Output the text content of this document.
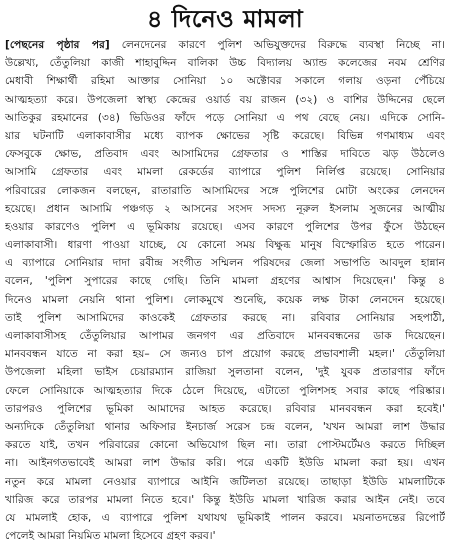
৪ দিনেও মামলা
[পেছনের পৃষ্ঠার পর] লেনদেনের কারণে পুলিশ অভিযুক্তদের বিরুদ্ধে ব্যবস্থা নিচ্ছে না।
উল্লেখ্য, তেঁতুলিয়া কাজী শাহাবুদ্দিন বালিকা উচ্চ বিদ্যালয় অ্যান্ড কলেজের নবম শ্রেণির
মেধাবী শিক্ষার্থী রহিমা আক্তার সোনিয়া ১০ অক্টোবর সকালে গলায় ওড়না পেঁচিয়ে
আত্মহত্যা করে। উপজেলা স্বাস্থ্য কেন্দ্রের ওয়ার্ড বয় রাজন (৩২) ও বাশির উদ্দিনের ছেলে
আতিকুর রহমানের (৩৪) ভিডিওর ফাঁদে পড়ে সোনিয়া এ পথ বেছে নেয়। এদিকে সোনি-
য়ার ঘটনাটি এলাকাবাসীর মধ্যে ব্যাপক ক্ষোভের সৃষ্টি করেছে। বিভিন্ন গণমাধ্যম এবং
ফেসবুকে ক্ষোভ, প্রতিবাদ এবং আসামিদের গ্রেফতার ও শাস্তির দাবিতে ঝড় উঠলেও
আসামি গ্রেফতার এবং মামলা রেকর্ডের ব্যাপারে পুলিশ নির্লিপ্ত রয়েছে। সোনিয়ার
পরিবারের লোকজন বলছেন, রাতারাতি আসামিদের সঙ্গে পুলিশের মোটা অংকের লেনদেন
হয়েছে। প্রধান আসামি পঞ্চগড় ২ আসনের সংসদ সদস্য নূরুল ইসলাম সুজনের আত্মীয়
হওয়ার কারণেও পুলিশ এ ভূমিকায় রয়েছে। এসব কারণে পুলিশের উপর ফুঁসে উঠছেন
এলাকাবাসী। ধারণা পাওয়া যাচ্ছে, যে কোনো সময় বিক্ষুব্ধ মানুষ বিস্ফোরিত হতে পারেন।
এ ব্যাপারে সোনিয়ার দাদা রবীন্দ্র সংগীত সম্মিলন পরিষদের জেলা সভাপতি আবদুল হান্নান
বলেন, 'পুলিশ সুপারের কাছে গেছি। তিনি মামলা গ্রহণের আশ্বাস দিয়েছেন।' কিন্তু ৪
দিনেও মামলা নেয়নি থানা পুলিশ। লোকমুখে শুনেছি, কয়েক লক্ষ টাকা লেনদেন হয়েছে।
তাই পুলিশ আসামিদের কাওকেই গ্রেফতার করছে না। রবিবার সোনিয়ার সহপাঠী,
এলাকাবাসীসহ তেঁতুলিয়ার আপামর জনগণ এর প্রতিবাদে মানববন্ধনের ডাক দিয়েছেন।
মানববন্ধন যাতে না করা হয়– সে জন্যও চাপ প্রয়োগ করছে প্রভাবশালী মহল।' তেঁতুলিয়া
উপজেলা মহিলা ভাইস চেয়ারম্যান রাজিয়া সুলতানা বলেন, 'দুই যুবক প্রতারণার ফাঁদে
ফেলে সোনিয়াকে আত্মহত্যার দিকে ঠেলে দিয়েছে, এটাতো পুলিশসহ সবার কাছে পরিষ্কার।
তারপরও পুলিশের ভূমিকা আমাদের আহত করেছে। রবিবার মানববন্ধন করা হবেই।'
অন্যদিকে তেঁতুলিয়া থানার অফিসার ইনচার্জ সরেস চন্দ্র বলেন, 'যখন আমরা লাশ উদ্ধার
করতে যাই, তখন পরিবারের কোনো অভিযোগ ছিল না। তারা পোস্টমর্টেমও করতে দিচ্ছিল
না। আইনগতভাবেই আমরা লাশ উদ্ধার করি। পরে একটি ইউডি মামলা করা হয়। এখন
নতুন করে মামলা নেওয়ার ব্যাপারে আইনি জটিলতা রয়েছে। তাছাড়া ইউডি মামলাটিকে
খারিজ করে তারপর মামলা নিতে হবে।' কিন্তু ইউডি মামলা খারিজ করার আইন নেই। তবে
যে মামলাই হোক, এ ব্যাপারে পুলিশ যথাযথ ভূমিকাই পালন করবে। ময়নাতদন্তের রিপোর্ট
পেলেই আমরা নিয়মিত মামলা হিসেবে গ্রহণ করব।'
